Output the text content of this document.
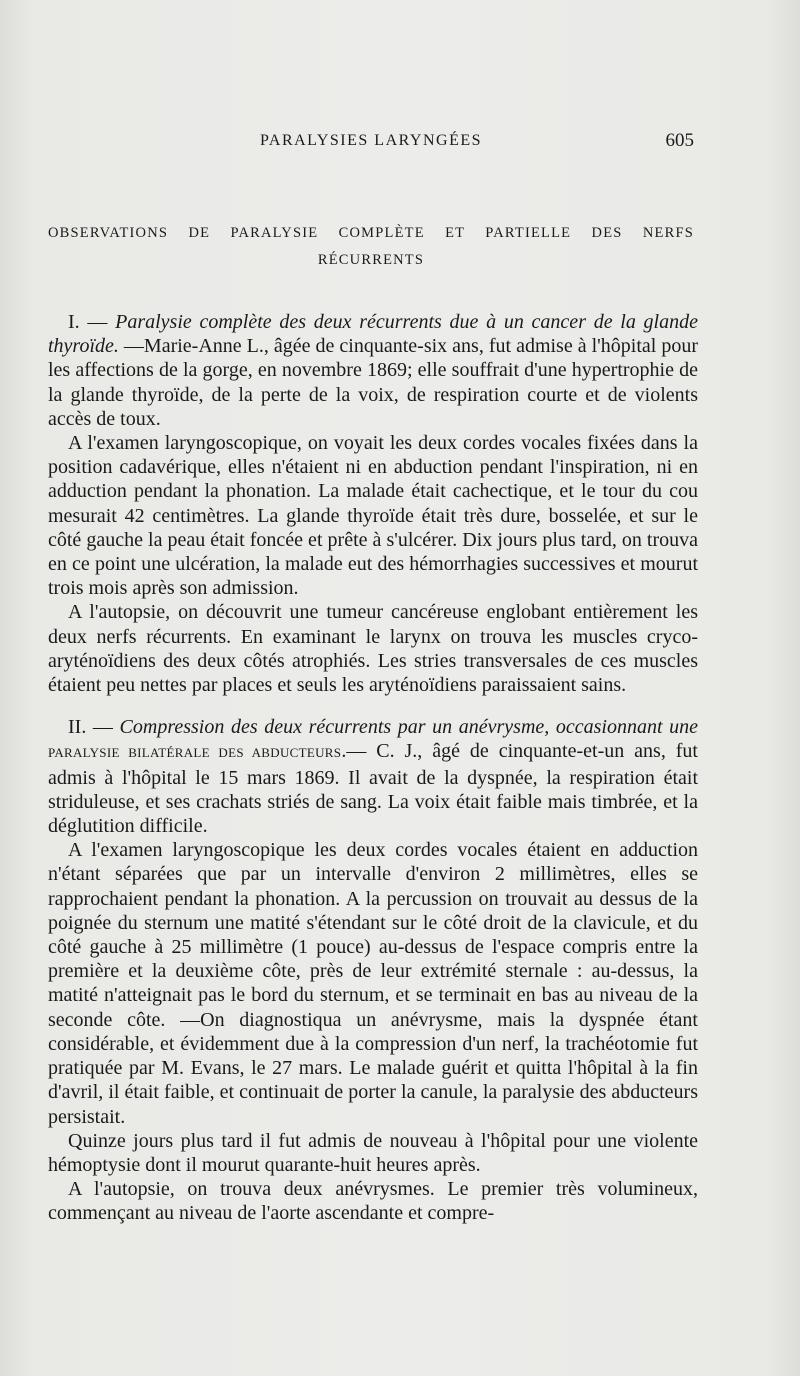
PARALYSIES LARYNGÉES	605
OBSERVATIONS DE PARALYSIE COMPLÈTE ET PARTIELLE DES NERFS
RÉCURRENTS

I. — Paralysie complète des deux récurrents due à un cancer de la glande thyroïde. —Marie-Anne L., âgée de cinquante-six ans, fut admise à l'hôpital pour les affections de la gorge, en novembre 1869; elle souffrait d'une hypertrophie de la glande thyroïde, de la perte de la voix, de respiration courte et de violents accès de toux.

A l'examen laryngoscopique, on voyait les deux cordes vocales fixées dans la position cadavérique, elles n'étaient ni en abduction pendant l'inspiration, ni en adduction pendant la phonation. La malade était cachectique, et le tour du cou mesurait 42 centimètres. La glande thyroïde était très dure, bosselée, et sur le côté gauche la peau était foncée et prête à s'ulcérer. Dix jours plus tard, on trouva en ce point une ulcération, la malade eut des hémorrhagies successives et mourut trois mois après son admission.

A l'autopsie, on découvrit une tumeur cancéreuse englobant entièrement les deux nerfs récurrents. En examinant le larynx on trouva les muscles cryco-aryténoïdiens des deux côtés atrophiés. Les stries transversales de ces muscles étaient peu nettes par places et seuls les aryténoïdiens paraissaient sains.

II. — Compression des deux récurrents par un anévrysme, occasionnant une PARALYSIE BILATÉRALE DES ABDUCTEURS.— C. J., âgé de cinquante-et-un ans, fut admis à l'hôpital le 15 mars 1869. Il avait de la dyspnée, la respiration était striduleuse, et ses crachats striés de sang. La voix était faible mais timbrée, et la déglutition difficile.

A l'examen laryngoscopique les deux cordes vocales étaient en adduction n'étant séparées que par un intervalle d'environ 2 millimètres, elles se rapprochaient pendant la phonation. A la percussion on trouvait au dessus de la poignée du sternum une matité s'étendant sur le côté droit de la clavicule, et du côté gauche à 25 millimètre (1 pouce) au-dessus de l'espace compris entre la première et la deuxième côte, près de leur extrémité sternale : au-dessus, la matité n'atteignait pas le bord du sternum, et se terminait en bas au niveau de la seconde côte. —On diagnostiqua un anévrysme, mais la dyspnée étant considérable, et évidemment due à la compression d'un nerf, la trachéotomie fut pratiquée par M. Evans, le 27 mars. Le malade guérit et quitta l'hôpital à la fin d'avril, il était faible, et continuait de porter la canule, la paralysie des abducteurs persistait.

Quinze jours plus tard il fut admis de nouveau à l'hôpital pour une violente hémoptysie dont il mourut quarante-huit heures après.

A l'autopsie, on trouva deux anévrysmes. Le premier très volumineux, commençant au niveau de l'aorte ascendante et compre-
